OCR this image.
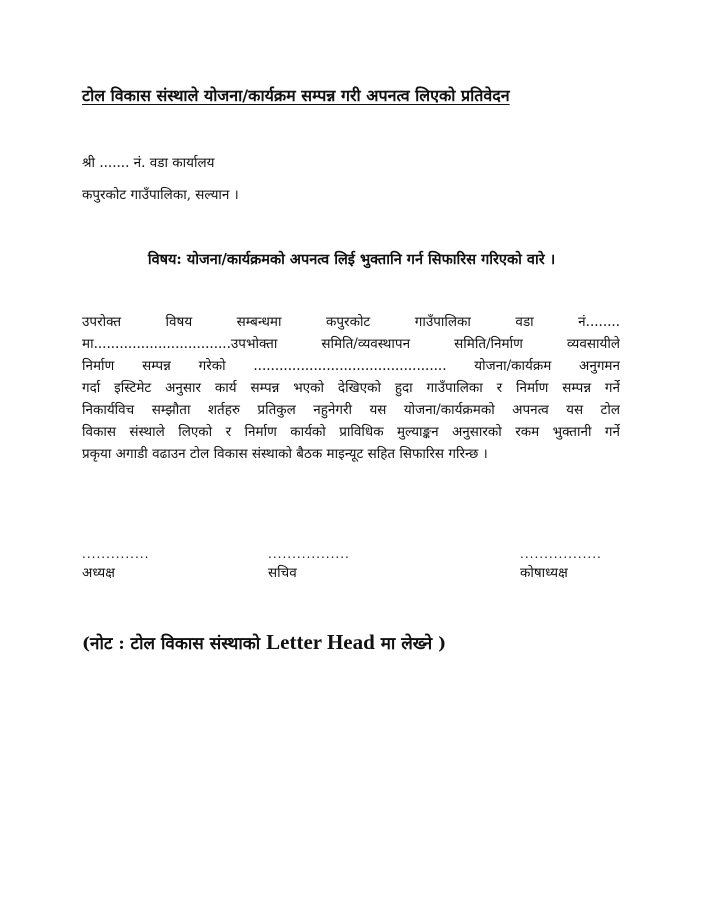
टोल विकास संस्थाले योजना/कार्यक्रम सम्पन्न गरी अपनत्व लिएको प्रतिवेदन
श्री ....... नं. वडा कार्यालय
कपुरकोट गाउँपालिका, सल्यान ।
विषय: योजना/कार्यक्रमको अपनत्व लिई भुक्तानि गर्न सिफारिस गरिएको वारे ।

उपरोक्त विषय सम्बन्धमा कपुरकोट गाउँपालिका वडा नं........
मा................................उपभोक्ता समिति/व्यवस्थापन समिति/निर्माण व्यवसायीले
निर्माण सम्पन्न गरेको ............................................. योजना/कार्यक्रम अनुगमन
गर्दा इस्टिमेट अनुसार कार्य सम्पन्न भएको देखिएको हुदा गाउँपालिका र निर्माण सम्पन्न गर्ने
निकार्यविच सम्झौता शर्तहरु प्रतिकुल नहुनेगरी यस योजना/कार्यक्रमको अपनत्व यस टोल
विकास संस्थाले लिएको र निर्माण कार्यको प्राविधिक मुल्याङ्कन अनुसारको रकम भुक्तानी गर्ने
प्रकृया अगाडी वढाउन टोल विकास संस्थाको बैठक माइन्यूट सहित सिफारिस गरिन्छ ।

..............
अध्यक्ष
.................
सचिव
.................
कोषाध्यक्ष
(नोट : टोल विकास संस्थाको Letter Head मा लेख्ने )
